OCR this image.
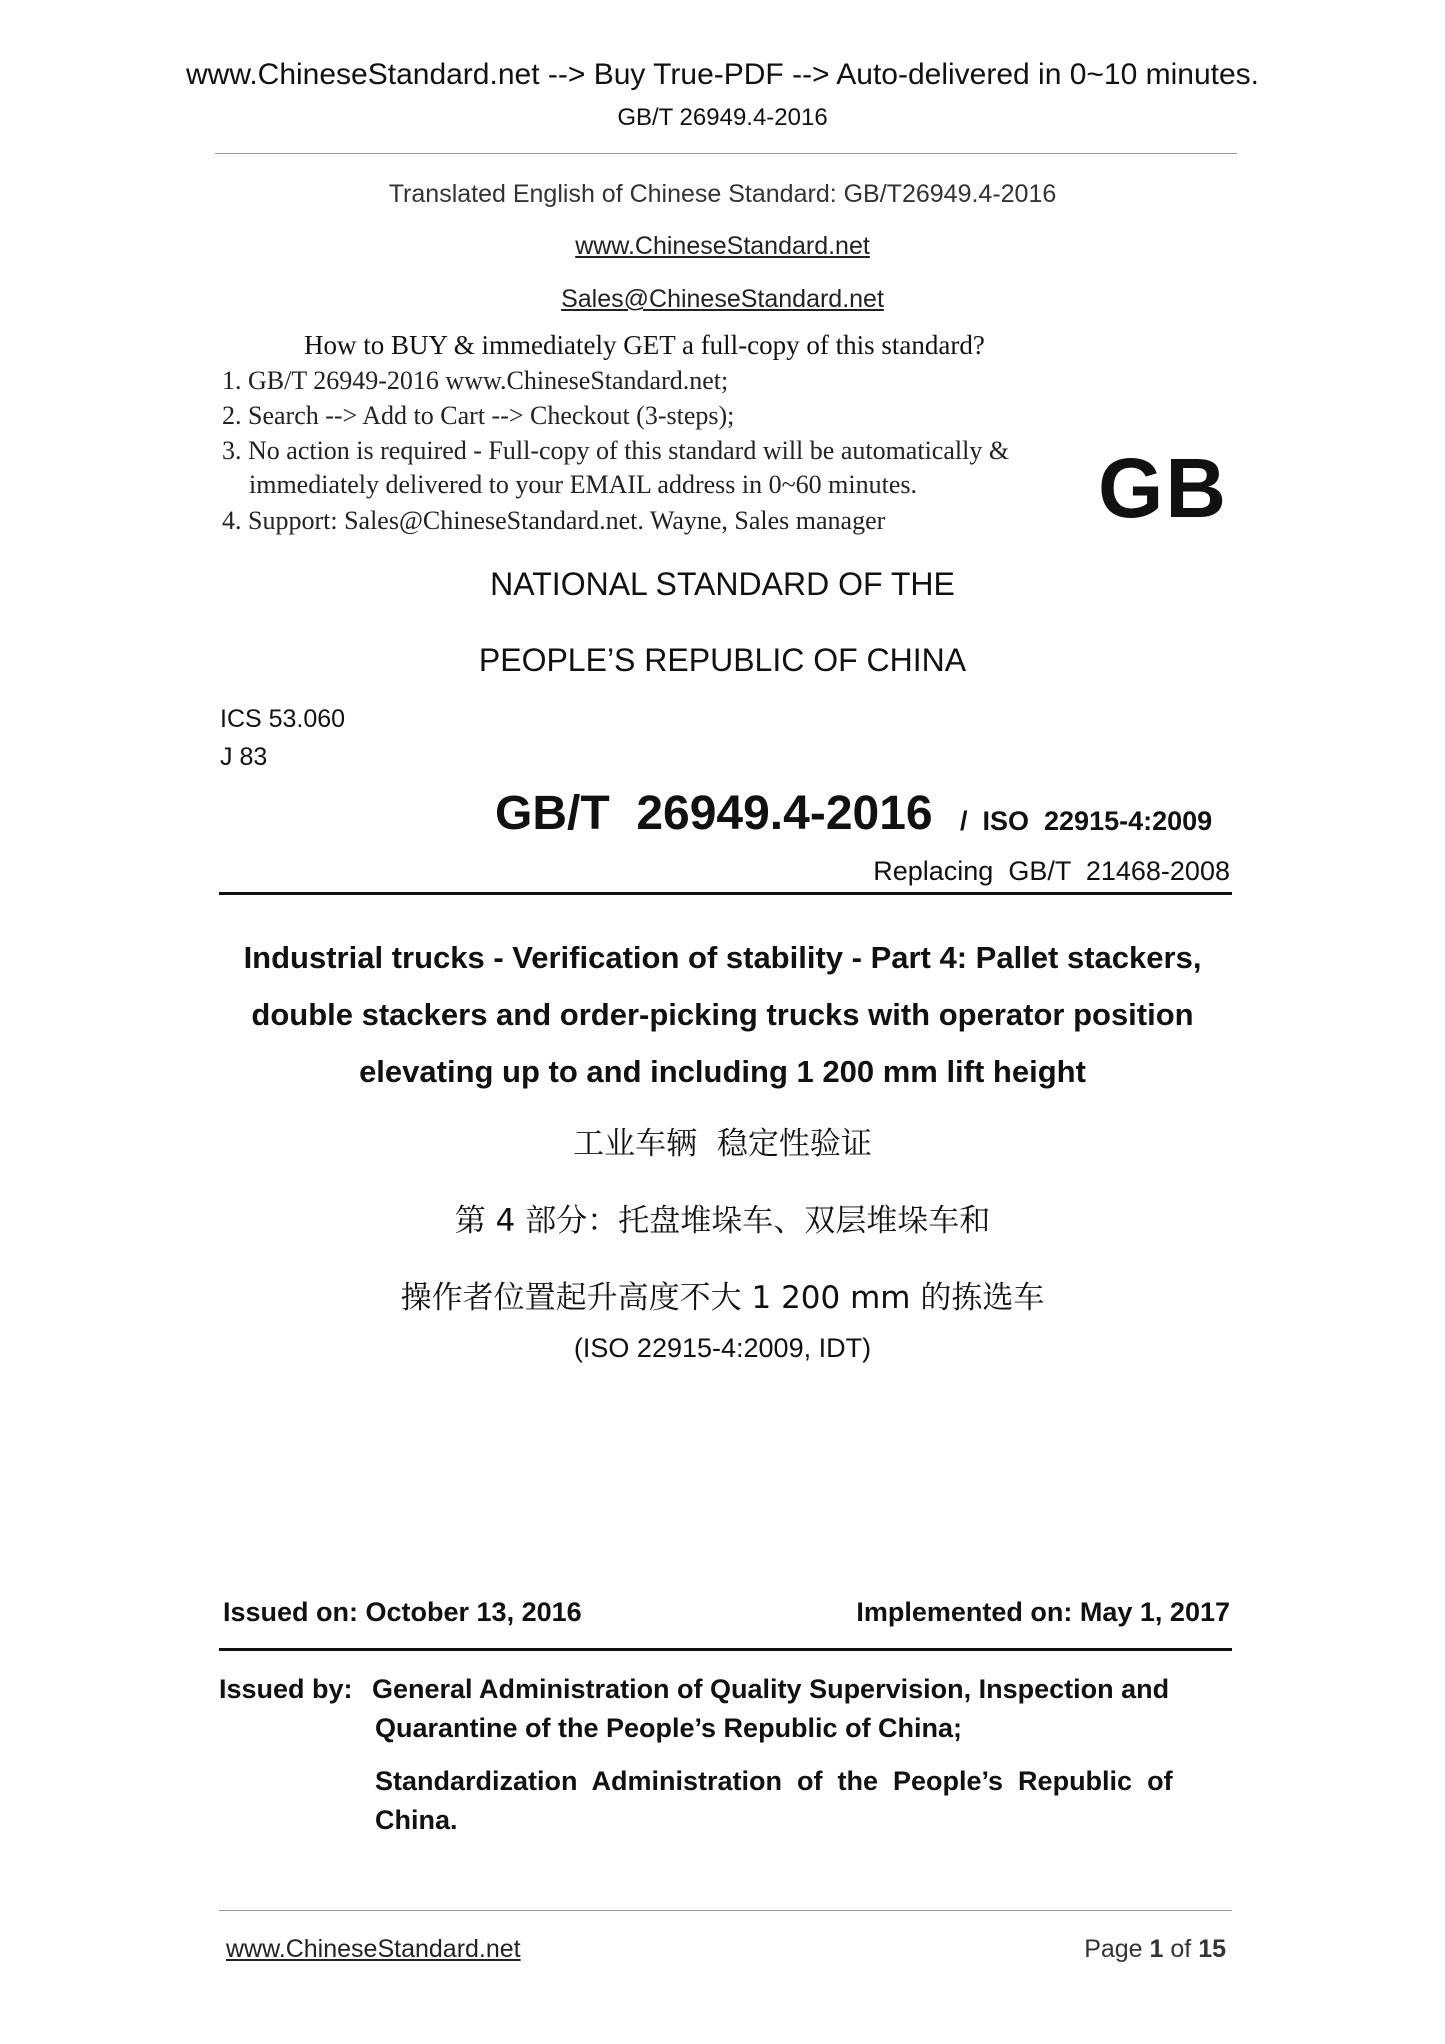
www.ChineseStandard.net --> Buy True-PDF --> Auto-delivered in 0~10 minutes.
GB/T 26949.4-2016
Translated English of Chinese Standard: GB/T26949.4-2016
www.ChineseStandard.net
Sales@ChineseStandard.net
How to BUY & immediately GET a full-copy of this standard?
1. GB/T 26949-2016 www.ChineseStandard.net;
2. Search --> Add to Cart --> Checkout (3-steps);
3. No action is required - Full-copy of this standard will be automatically &
immediately delivered to your EMAIL address in 0~60 minutes.
4. Support: Sales@ChineseStandard.net. Wayne, Sales manager	GB
NATIONAL STANDARD OF THE
PEOPLE’S REPUBLIC OF CHINA
ICS 53.060
J 83
GB/T  26949.4-2016 /  ISO  22915-4:2009
Replacing  GB/T  21468-2008
Industrial trucks - Verification of stability - Part 4: Pallet stackers,
double stackers and order-picking trucks with operator position
elevating up to and including 1 200 mm lift height
工业车辆  稳定性验证
第 4 部分：托盘堆垛车、双层堆垛车和
操作者位置起升高度不大 1 200 mm 的拣选车
(ISO 22915-4:2009, IDT)
Issued on: October 13, 2016	Implemented on: May 1, 2017
Issued by: General Administration of Quality Supervision, Inspection and
Quarantine of the People’s Republic of China;
Standardization  Administration  of  the  People’s  Republic  of
China.
www.ChineseStandard.net	Page 1 of 15
